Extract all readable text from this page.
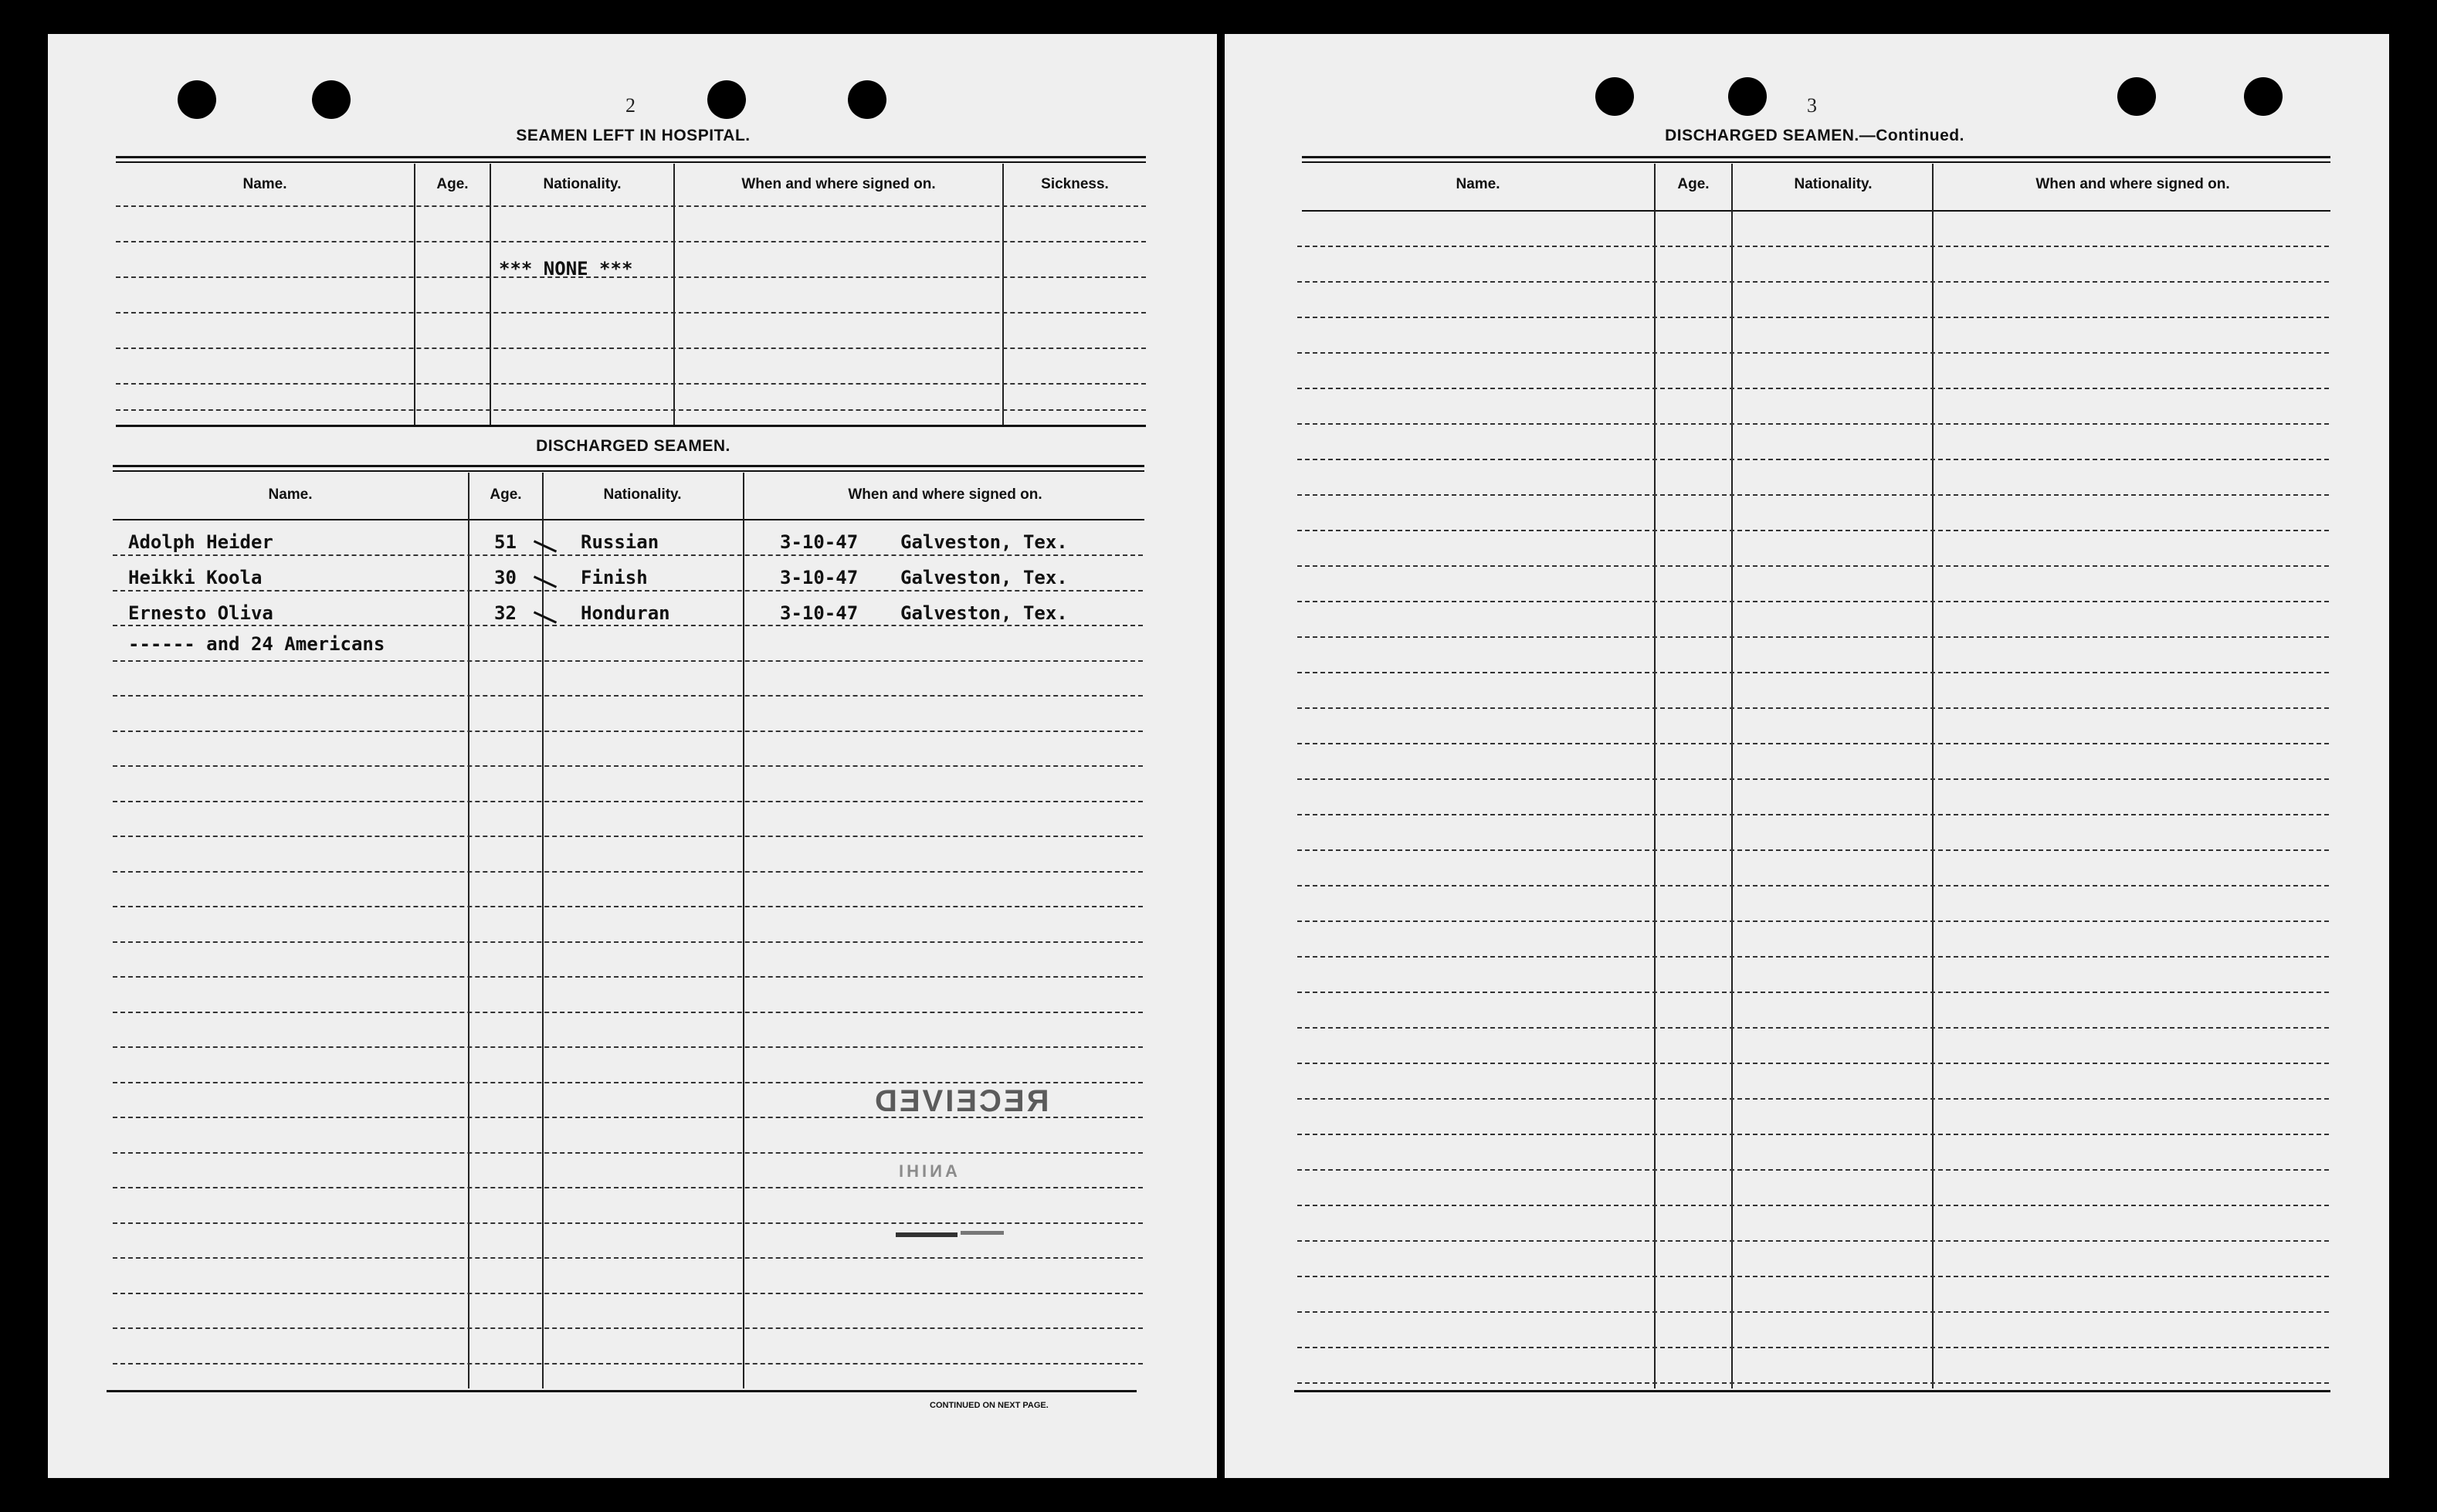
2
SEAMEN LEFT IN HOSPITAL.
Name.	Age.	Nationality.	When and where signed on.	Sickness.
*** NONE ***
DISCHARGED SEAMEN.
Name.	Age.	Nationality.	When and where signed on.
Adolph Heider	51	Russian	3-10-47 Galveston, Tex.
Heikki Koola	30	Finish	3-10-47 Galveston, Tex.
Ernesto Oliva	32	Honduran	3-10-47 Galveston, Tex.
------ and 24 Americans
RECEIVED
ANIHI
CONTINUED ON NEXT PAGE.
3
DISCHARGED SEAMEN.—Continued.
Name.	Age.	Nationality.	When and where signed on.
